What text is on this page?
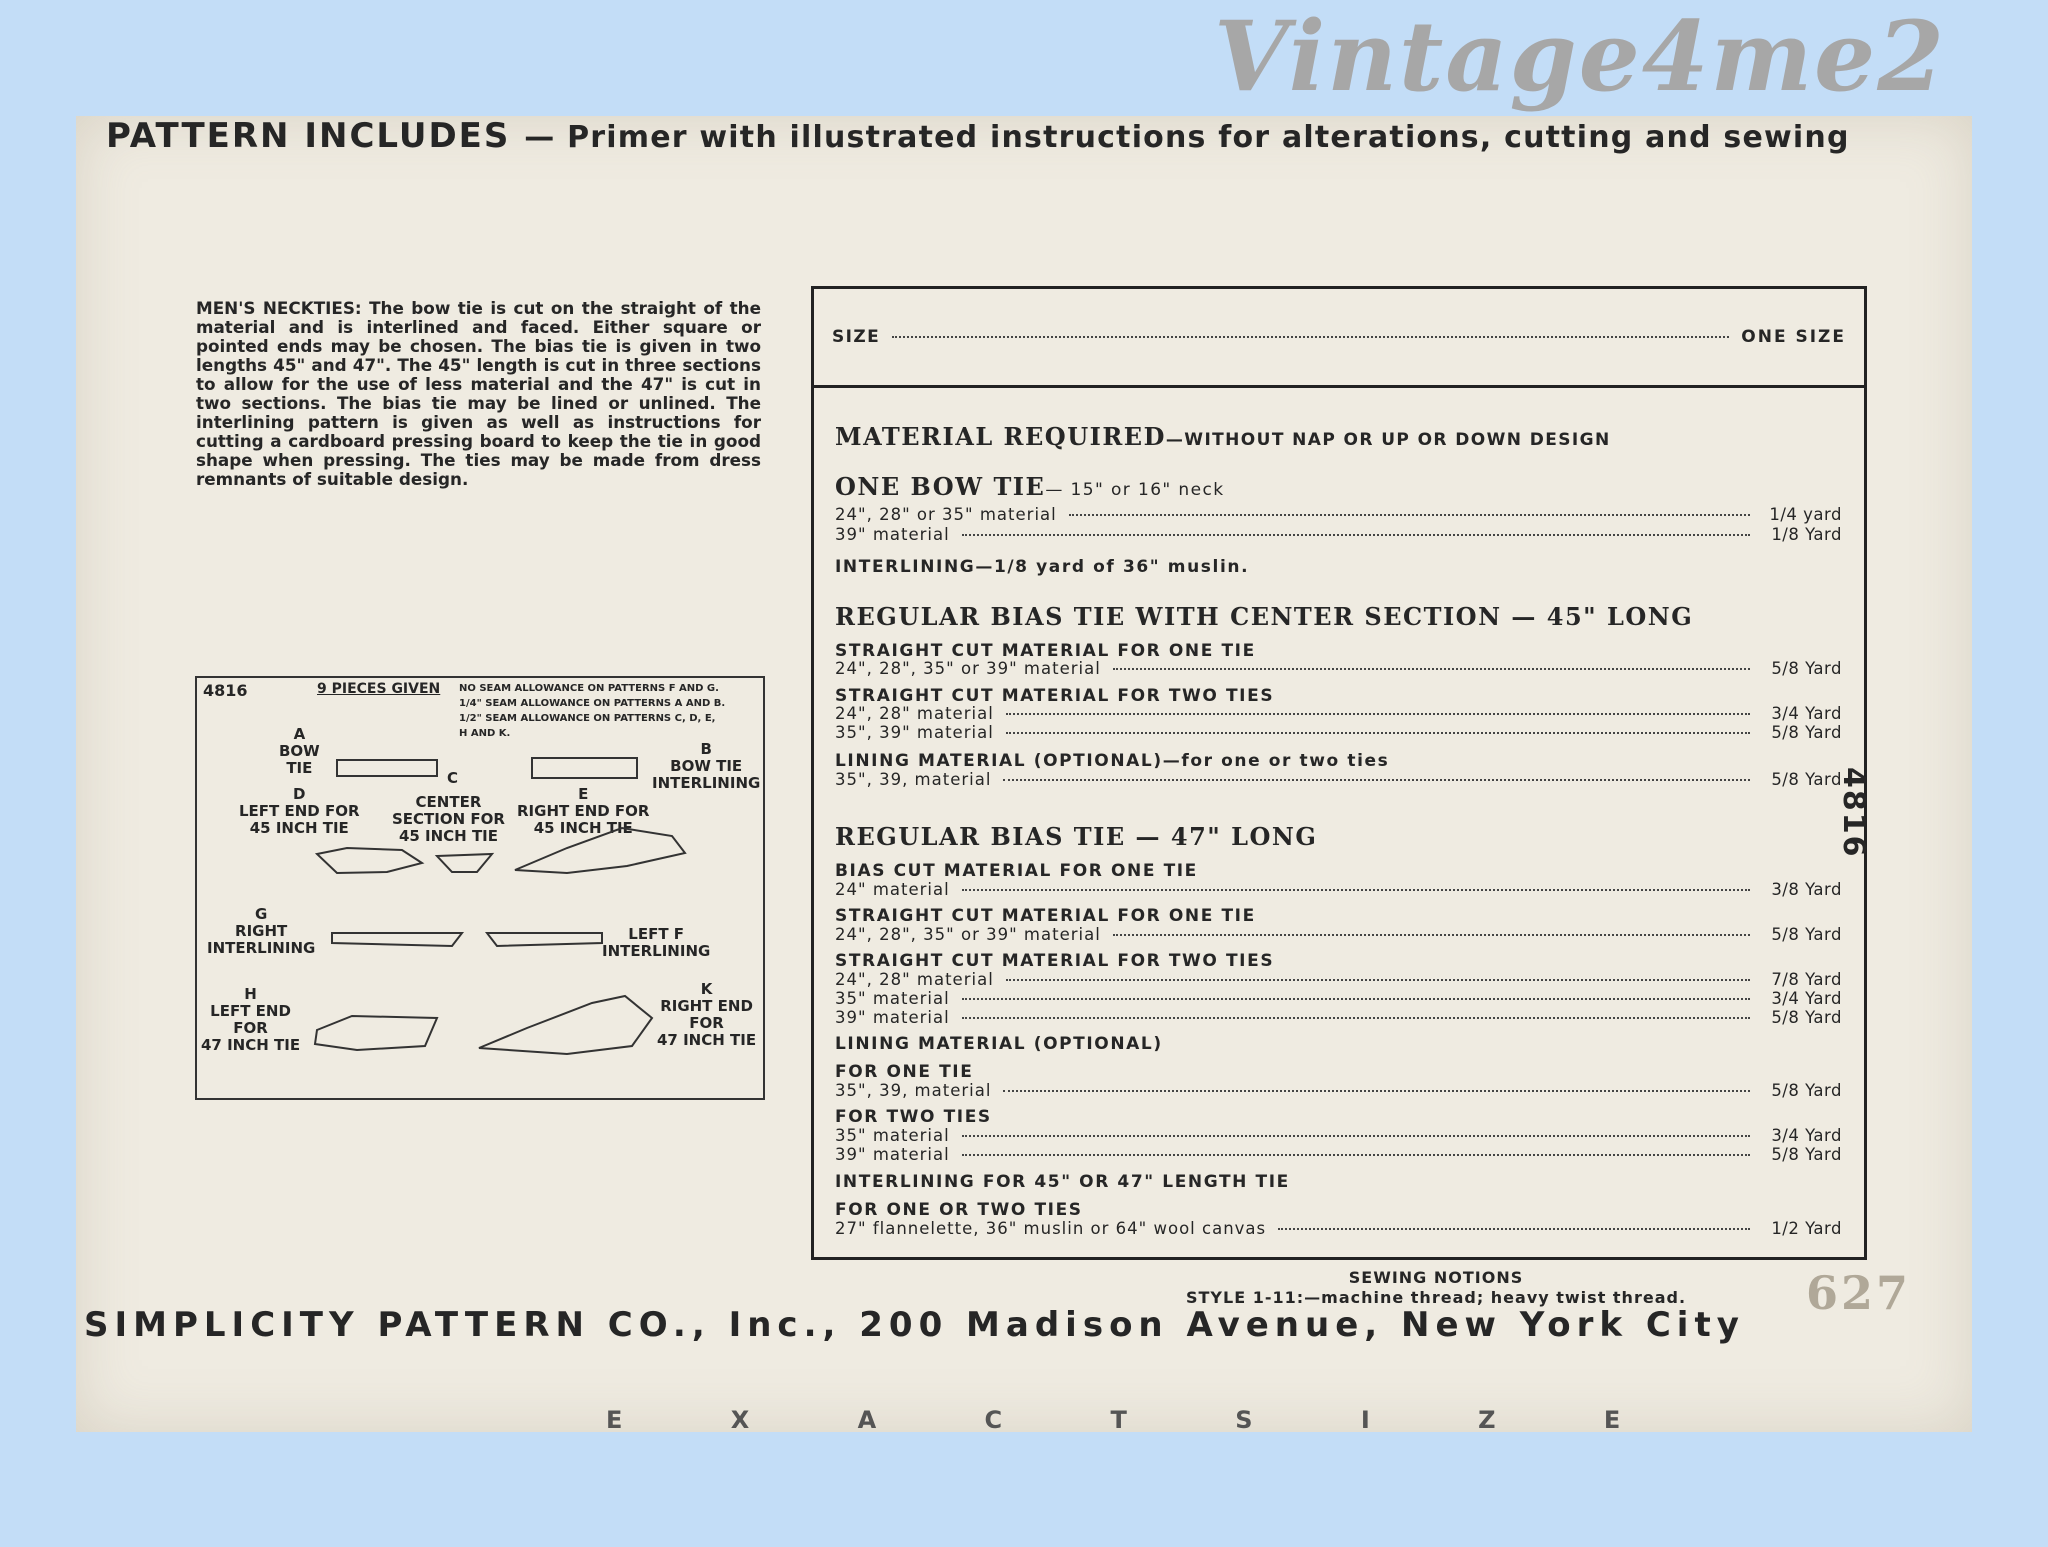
Vintage4me2
PATTERN INCLUDES — Primer with illustrated instructions for alterations, cutting and sewing
MEN'S NECKTIES: The bow tie is cut on the straight of the material and is interlined and faced. Either square or pointed ends may be chosen. The bias tie is given in two lengths 45" and 47". The 45" length is cut in three sections to allow for the use of less material and the 47" is cut in two sections. The bias tie may be lined or unlined. The interlining pattern is given as well as instructions for cutting a cardboard pressing board to keep the tie in good shape when pressing. The ties may be made from dress remnants of suitable design.
4816	9 PIECES GIVEN NO SEAM ALLOWANCE ON PATTERNS F AND G.
1/4" SEAM ALLOWANCE ON PATTERNS A AND B.
1/2" SEAM ALLOWANCE ON PATTERNS C, D, E,
H AND K.
A
BOW
TIE
B
BOW TIE
INTERLINING
C
D
LEFT END FOR
45 INCH TIE
CENTER
SECTION FOR
45 INCH TIE
E
RIGHT END FOR
45 INCH TIE
G
RIGHT
INTERLINING
LEFT F
INTERLINING
H
LEFT END
FOR
47 INCH TIE
K
RIGHT END
FOR
47 INCH TIE
SIZE	ONE SIZE
MATERIAL REQUIRED—WITHOUT NAP OR UP OR DOWN DESIGN
ONE BOW TIE— 15" or 16" neck
24", 28" or 35" material	1/4 yard
39" material	1/8 Yard
INTERLINING—1/8 yard of 36" muslin.
REGULAR BIAS TIE WITH CENTER SECTION — 45" LONG
STRAIGHT CUT MATERIAL FOR ONE TIE
24", 28", 35" or 39" material	5/8 Yard
STRAIGHT CUT MATERIAL FOR TWO TIES
24", 28" material	3/4 Yard
35", 39" material	5/8 Yard
LINING MATERIAL (OPTIONAL)—for one or two ties
35", 39, material	5/8 Yard
REGULAR BIAS TIE — 47" LONG
BIAS CUT MATERIAL FOR ONE TIE
24" material	3/8 Yard
STRAIGHT CUT MATERIAL FOR ONE TIE
24", 28", 35" or 39" material	5/8 Yard
STRAIGHT CUT MATERIAL FOR TWO TIES
24", 28" material	7/8 Yard
35" material	3/4 Yard
39" material	5/8 Yard
LINING MATERIAL (OPTIONAL)
FOR ONE TIE
35", 39, material	5/8 Yard
FOR TWO TIES
35" material	3/4 Yard
39" material	5/8 Yard
INTERLINING FOR 45" OR 47" LENGTH TIE
FOR ONE OR TWO TIES
27" flannelette, 36" muslin or 64" wool canvas	1/2 Yard
4816
SEWING NOTIONS
STYLE 1-11:—machine thread; heavy twist thread.
SIMPLICITY PATTERN CO., Inc., 200 Madison Avenue, New York City
627
E X A C T S I Z E
